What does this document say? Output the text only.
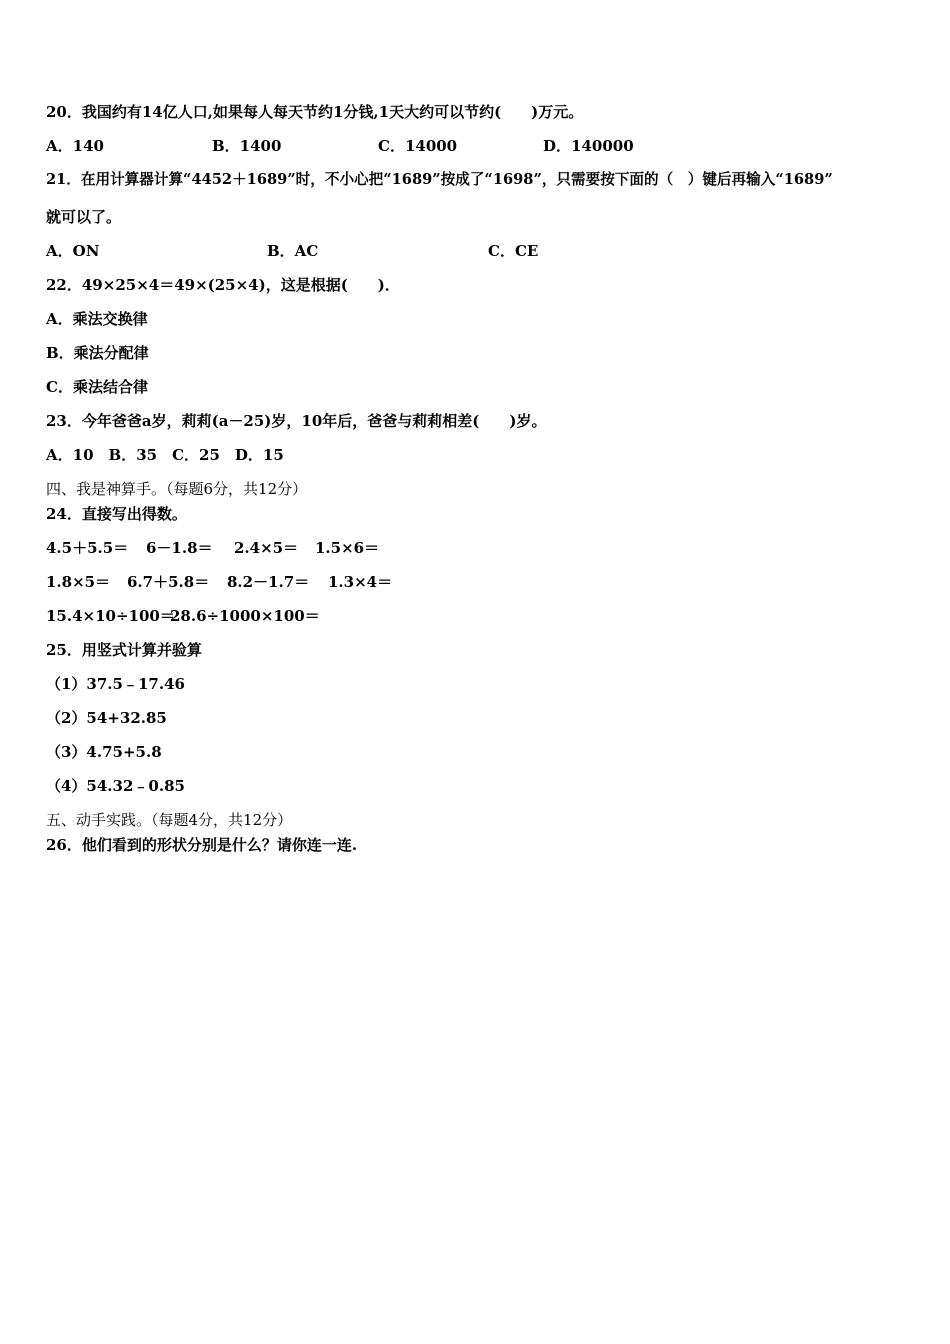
20．我国约有14亿人口,如果每人每天节约1分钱,1天大约可以节约(　　)万元。
A．140	B．1400	C．14000	D．140000
21．在用计算器计算“4452＋1689”时，不小心把“1689”按成了“1698”，只需要按下面的（　）键后再输入“1689”
就可以了。
A．ON	B．AC	C．CE
22．49×25×4＝49×(25×4)，这是根据(　　)．
A．乘法交换律
B．乘法分配律
C．乘法结合律
23．今年爸爸a岁，莉莉(a－25)岁，10年后，爸爸与莉莉相差(　　)岁。
A．10　B．35　C．25　D．15
四、我是神算手。（每题6分，共12分）
24．直接写出得数。
4.5＋5.5＝ 6－1.8＝ 2.4×5＝ 1.5×6＝
1.8×5＝ 6.7＋5.8＝ 8.2－1.7＝ 1.3×4＝
15.4×10÷100＝
28.6÷1000×100＝
25．用竖式计算并验算
（1）37.5﹣17.46
（2）54+32.85
（3）4.75+5.8
（4）54.32﹣0.85
五、动手实践。（每题4分，共12分）
26．他们看到的形状分别是什么？请你连一连.
